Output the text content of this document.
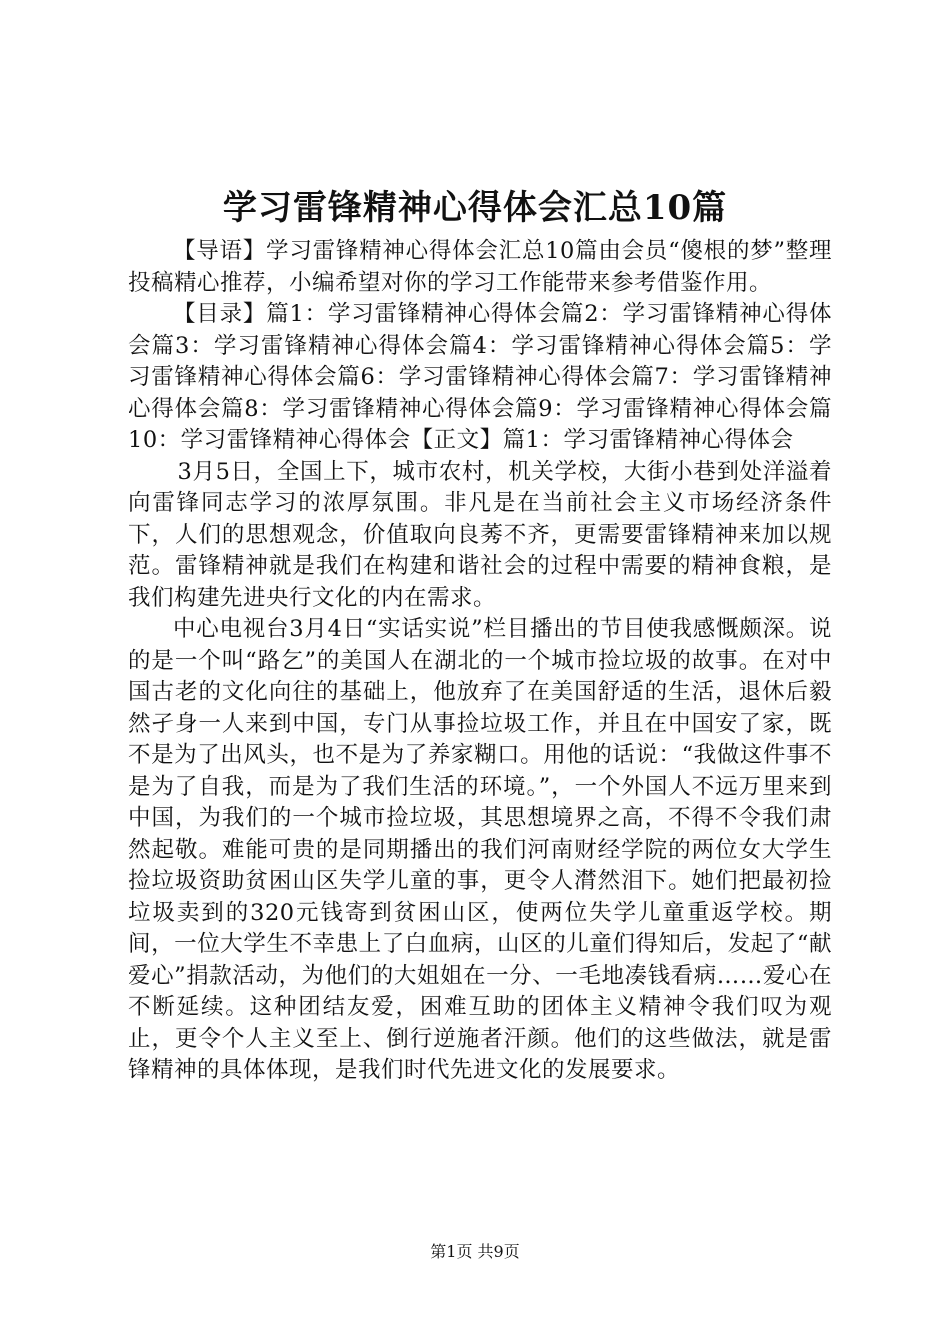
学习雷锋精神心得体会汇总10篇

【导语】学习雷锋精神心得体会汇总10篇由会员“傻根的梦”整理投稿精心推荐，小编希望对你的学习工作能带来参考借鉴作用。

【目录】篇1：学习雷锋精神心得体会篇2：学习雷锋精神心得体会篇3：学习雷锋精神心得体会篇4：学习雷锋精神心得体会篇5：学习雷锋精神心得体会篇6：学习雷锋精神心得体会篇7：学习雷锋精神心得体会篇8：学习雷锋精神心得体会篇9：学习雷锋精神心得体会篇10：学习雷锋精神心得体会【正文】篇1：学习雷锋精神心得体会

3月5日，全国上下，城市农村，机关学校，大街小巷到处洋溢着向雷锋同志学习的浓厚氛围。非凡是在当前社会主义市场经济条件下，人们的思想观念，价值取向良莠不齐，更需要雷锋精神来加以规范。雷锋精神就是我们在构建和谐社会的过程中需要的精神食粮，是我们构建先进央行文化的内在需求。

中心电视台3月4日“实话实说”栏目播出的节目使我感慨颇深。说的是一个叫“路乞”的美国人在湖北的一个城市捡垃圾的故事。在对中国古老的文化向往的基础上，他放弃了在美国舒适的生活，退休后毅然孑身一人来到中国，专门从事捡垃圾工作，并且在中国安了家，既不是为了出风头，也不是为了养家糊口。用他的话说：“我做这件事不是为了自我，而是为了我们生活的环境。”，一个外国人不远万里来到中国，为我们的一个城市捡垃圾，其思想境界之高，不得不令我们肃然起敬。难能可贵的是同期播出的我们河南财经学院的两位女大学生捡垃圾资助贫困山区失学儿童的事，更令人潸然泪下。她们把最初捡垃圾卖到的320元钱寄到贫困山区，使两位失学儿童重返学校。期间，一位大学生不幸患上了白血病，山区的儿童们得知后，发起了“献爱心”捐款活动，为他们的大姐姐在一分、一毛地凑钱看病……爱心在不断延续。这种团结友爱，困难互助的团体主义精神令我们叹为观止，更令个人主义至上、倒行逆施者汗颜。他们的这些做法，就是雷锋精神的具体体现，是我们时代先进文化的发展要求。

第1页 共9页
